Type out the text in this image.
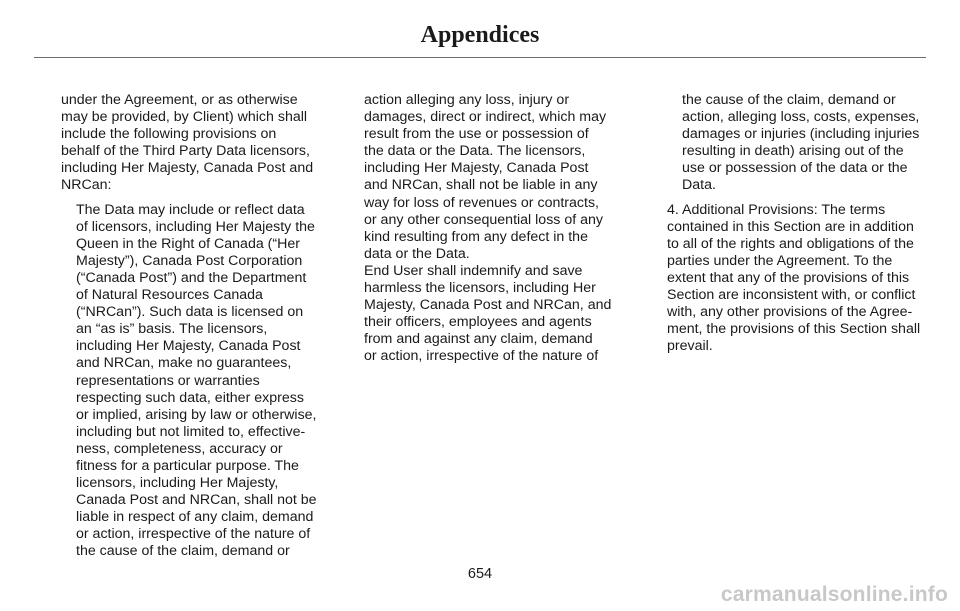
Appendices
under the Agreement, or as otherwise
may be provided, by Client) which shall
include the following provisions on
behalf of the Third Party Data licensors,
including Her Majesty, Canada Post and
NRCan:
The Data may include or reflect data
of licensors, including Her Majesty the
Queen in the Right of Canada (“Her
Majesty”), Canada Post Corporation
(“Canada Post”) and the Department
of Natural Resources Canada
(“NRCan”). Such data is licensed on
an “as is” basis. The licensors,
including Her Majesty, Canada Post
and NRCan, make no guarantees,
representations or warranties
respecting such data, either express
or implied, arising by law or otherwise,
including but not limited to, effective-
ness, completeness, accuracy or
fitness for a particular purpose. The
licensors, including Her Majesty,
Canada Post and NRCan, shall not be
liable in respect of any claim, demand
or action, irrespective of the nature of
the cause of the claim, demand or
action alleging any loss, injury or
damages, direct or indirect, which may
result from the use or possession of
the data or the Data. The licensors,
including Her Majesty, Canada Post
and NRCan, shall not be liable in any
way for loss of revenues or contracts,
or any other consequential loss of any
kind resulting from any defect in the
data or the Data.
End User shall indemnify and save
harmless the licensors, including Her
Majesty, Canada Post and NRCan, and
their officers, employees and agents
from and against any claim, demand
or action, irrespective of the nature of
the cause of the claim, demand or
action, alleging loss, costs, expenses,
damages or injuries (including injuries
resulting in death) arising out of the
use or possession of the data or the
Data.
4. Additional Provisions: The terms
contained in this Section are in addition
to all of the rights and obligations of the
parties under the Agreement. To the
extent that any of the provisions of this
Section are inconsistent with, or conflict
with, any other provisions of the Agree-
ment, the provisions of this Section shall
prevail.
654
carmanualsonline.info
